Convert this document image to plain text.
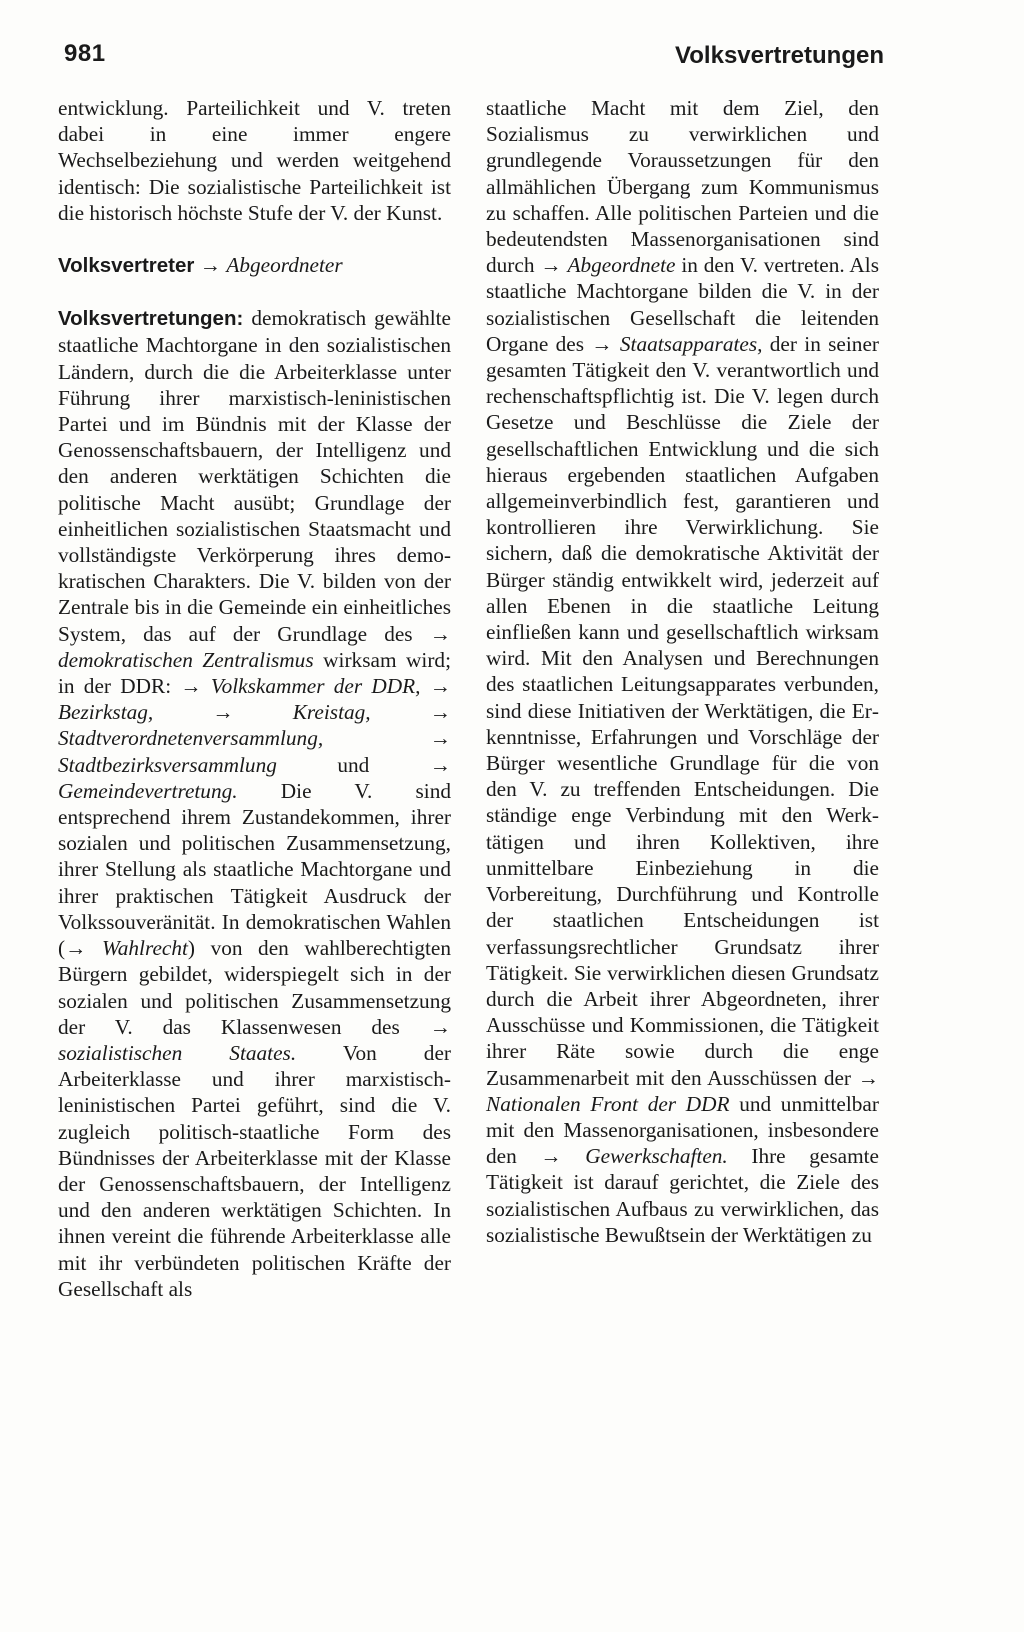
981	Volksvertretungen

entwicklung. Parteilichkeit und V. treten dabei in eine immer engere Wechselbeziehung und werden weitgehend identisch: Die sozialistische Parteilichkeit ist die historisch höchste Stufe der V. der Kunst.

Volksvertreter → Abgeordneter

Volksvertretungen: demokratisch gewählte staatliche Machtorgane in den sozialistischen Ländern, durch die die Arbeiterklasse unter Führung ihrer marxistisch-leninistischen Partei und im Bündnis mit der Klasse der Genossenschaftsbauern, der Intelligenz und den anderen werktätigen Schichten die politische Macht ausübt; Grundlage der einheitlichen sozialistischen Staatsmacht und vollständigste Verkörperung ihres demokratischen Charakters. Die V. bilden von der Zentrale bis in die Gemeinde ein einheitliches System, das auf der Grundlage des → demokratischen Zentralismus wirksam wird; in der DDR: → Volkskammer der DDR, → Bezirkstag,	→	Kreistag,	→ Stadtverordnetenversammlung,	→ Stadtbezirksversammlung und → Gemeindevertretung. Die V. sind entsprechend ihrem Zustandekommen, ihrer sozialen und politischen Zusammensetzung, ihrer Stellung als staatliche Machtorgane und ihrer praktischen Tätigkeit Ausdruck der Volkssouveränität. In demokratischen Wahlen (→ Wahlrecht) von den wahlberechtigten Bürgern gebildet, widerspiegelt sich in der sozialen und politischen Zusammensetzung der V. das Klassenwesen des → sozialistischen Staates. Von der Arbeiterklasse und ihrer marxistisch-leninistischen Partei geführt, sind die V. zugleich politisch-staatliche Form des Bündnisses der Arbeiterklasse mit der Klasse der Genossenschaftsbauern, der Intelligenz und den anderen werktätigen Schichten. In ihnen vereint die führende Arbeiterklasse alle mit ihr verbündeten politischen Kräfte der Gesellschaft als

staatliche Macht mit dem Ziel, den Sozialismus zu verwirklichen und grundlegende Voraussetzungen für den allmählichen Übergang zum Kommunismus zu schaffen. Alle politischen Parteien und die bedeutendsten Massenorganisationen sind durch → Abgeordnete in den V. vertreten. Als staatliche Machtorgane bilden die V. in der sozialistischen Gesellschaft die leitenden Organe des → Staatsapparates, der in seiner gesamten Tätigkeit den V. verantwortlich und rechenschaftspflichtig ist. Die V. legen durch Gesetze und Beschlüsse die Ziele der gesellschaftlichen Entwicklung und die sich hieraus ergebenden staatlichen Aufgaben allgemeinverbindlich fest, garantieren und kontrollieren ihre Verwirklichung. Sie sichern, daß die demokratische Aktivität der Bürger ständig entwikkelt wird, jederzeit auf allen Ebenen in die staatliche Leitung einfließen kann und gesellschaftlich wirksam wird. Mit den Analysen und Berechnungen des staatlichen Leitungsapparates verbunden, sind diese Initiativen der Werktätigen, die Erkenntnisse, Erfahrungen und Vorschläge der Bürger wesentliche Grundlage für die von den V. zu treffenden Entscheidungen. Die ständige enge Verbindung mit den Werktätigen und ihren Kollektiven, ihre unmittelbare Einbeziehung in die Vorbereitung, Durchführung und Kontrolle der staatlichen Entscheidungen ist verfassungsrechtlicher Grundsatz ihrer Tätigkeit. Sie verwirklichen diesen Grundsatz durch die Arbeit ihrer Abgeordneten, ihrer Ausschüsse und Kommissionen, die Tätigkeit ihrer Räte sowie durch die enge Zusammenarbeit mit den Ausschüssen der → Nationalen Front der DDR und unmittelbar mit den Massenorganisationen, insbesondere den → Gewerkschaften. Ihre gesamte Tätigkeit ist darauf gerichtet, die Ziele des sozialistischen Aufbaus zu verwirklichen, das sozialistische Bewußtsein der Werktätigen zu
